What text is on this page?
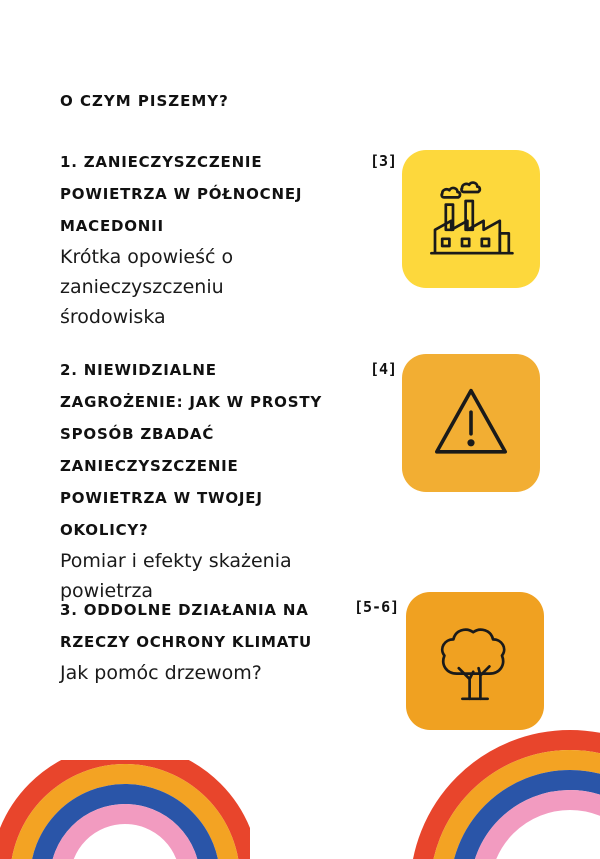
O CZYM PISZEMY?
1. ZANIECZYSZCZENIE POWIETRZA W PÓŁNOCNEJ MACEDONII
Krótka opowieść o zanieczyszczeniu środowiska
[3]
2. NIEWIDZIALNE ZAGROŻENIE: JAK W PROSTY SPOSÓB ZBADAĆ ZANIECZYSZCZENIE POWIETRZA W TWOJEJ OKOLICY?
Pomiar i efekty skażenia powietrza
[4]
3. ODDOLNE DZIAŁANIA NA RZECZY OCHRONY KLIMATU
Jak pomóc drzewom?
[5-6]
